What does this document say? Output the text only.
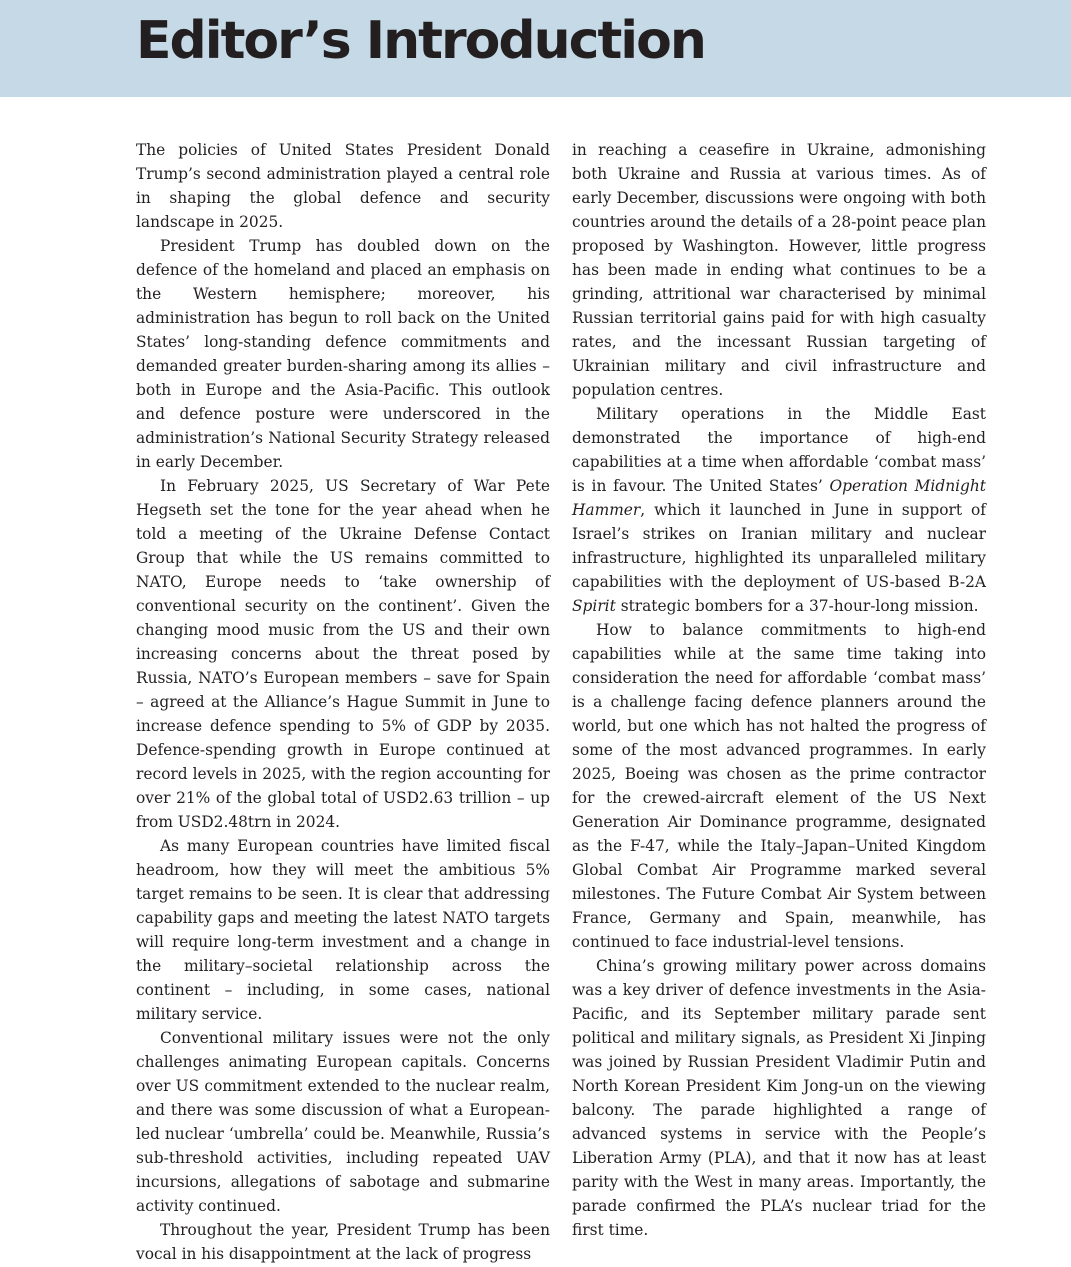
Editor’s Introduction

The policies of United States President Donald Trump’s second administration played a central role in shaping the global defence and security landscape in 2025.

President Trump has doubled down on the defence of the homeland and placed an emphasis on the Western hemisphere; moreover, his administration has begun to roll back on the United States’ long-standing defence commitments and demanded greater burden-sharing among its allies – both in Europe and the Asia-Pacific. This outlook and defence posture were underscored in the administration’s National Security Strategy released in early December.

In February 2025, US Secretary of War Pete Hegseth set the tone for the year ahead when he told a meeting of the Ukraine Defense Contact Group that while the US remains committed to NATO, Europe needs to ‘take ownership of conventional security on the continent’. Given the changing mood music from the US and their own increasing concerns about the threat posed by Russia, NATO’s European members – save for Spain – agreed at the Alliance’s Hague Summit in June to increase defence spending to 5% of GDP by 2035. Defence-spending growth in Europe continued at record levels in 2025, with the region accounting for over 21% of the global total of USD2.63 trillion – up from USD2.48trn in 2024.

As many European countries have limited fiscal headroom, how they will meet the ambitious 5% target remains to be seen. It is clear that addressing capability gaps and meeting the latest NATO targets will require long-term investment and a change in the military–societal relationship across the continent – including, in some cases, national military service.

Conventional military issues were not the only challenges animating European capitals. Concerns over US commitment extended to the nuclear realm, and there was some discussion of what a European-led nuclear ‘umbrella’ could be. Meanwhile, Russia’s sub-threshold activities, including repeated UAV incursions, allegations of sabotage and submarine activity continued.

Throughout the year, President Trump has been vocal in his disappointment at the lack of progress

in reaching a ceasefire in Ukraine, admonishing both Ukraine and Russia at various times. As of early December, discussions were ongoing with both countries around the details of a 28-point peace plan proposed by Washington. However, little progress has been made in ending what continues to be a grinding, attritional war characterised by minimal Russian territorial gains paid for with high casualty rates, and the incessant Russian targeting of Ukrainian military and civil infrastructure and population centres.

Military operations in the Middle East demonstrated the importance of high-end capabilities at a time when affordable ‘combat mass’ is in favour. The United States’ Operation Midnight Hammer, which it launched in June in support of Israel’s strikes on Iranian military and nuclear infrastructure, highlighted its unparalleled military capabilities with the deployment of US-based B-2A Spirit strategic bombers for a 37-hour-long mission.

How to balance commitments to high-end capabilities while at the same time taking into consideration the need for affordable ‘combat mass’ is a challenge facing defence planners around the world, but one which has not halted the progress of some of the most advanced programmes. In early 2025, Boeing was chosen as the prime contractor for the crewed-aircraft element of the US Next Generation Air Dominance programme, designated as the F-47, while the Italy–Japan–United Kingdom Global Combat Air Programme marked several milestones. The Future Combat Air System between France, Germany and Spain, meanwhile, has continued to face industrial-level tensions.

China’s growing military power across domains was a key driver of defence investments in the Asia-Pacific, and its September military parade sent political and military signals, as President Xi Jinping was joined by Russian President Vladimir Putin and North Korean President Kim Jong-un on the viewing balcony. The parade highlighted a range of advanced systems in service with the People’s Liberation Army (PLA), and that it now has at least parity with the West in many areas. Importantly, the parade confirmed the PLA’s nuclear triad for the first time.
